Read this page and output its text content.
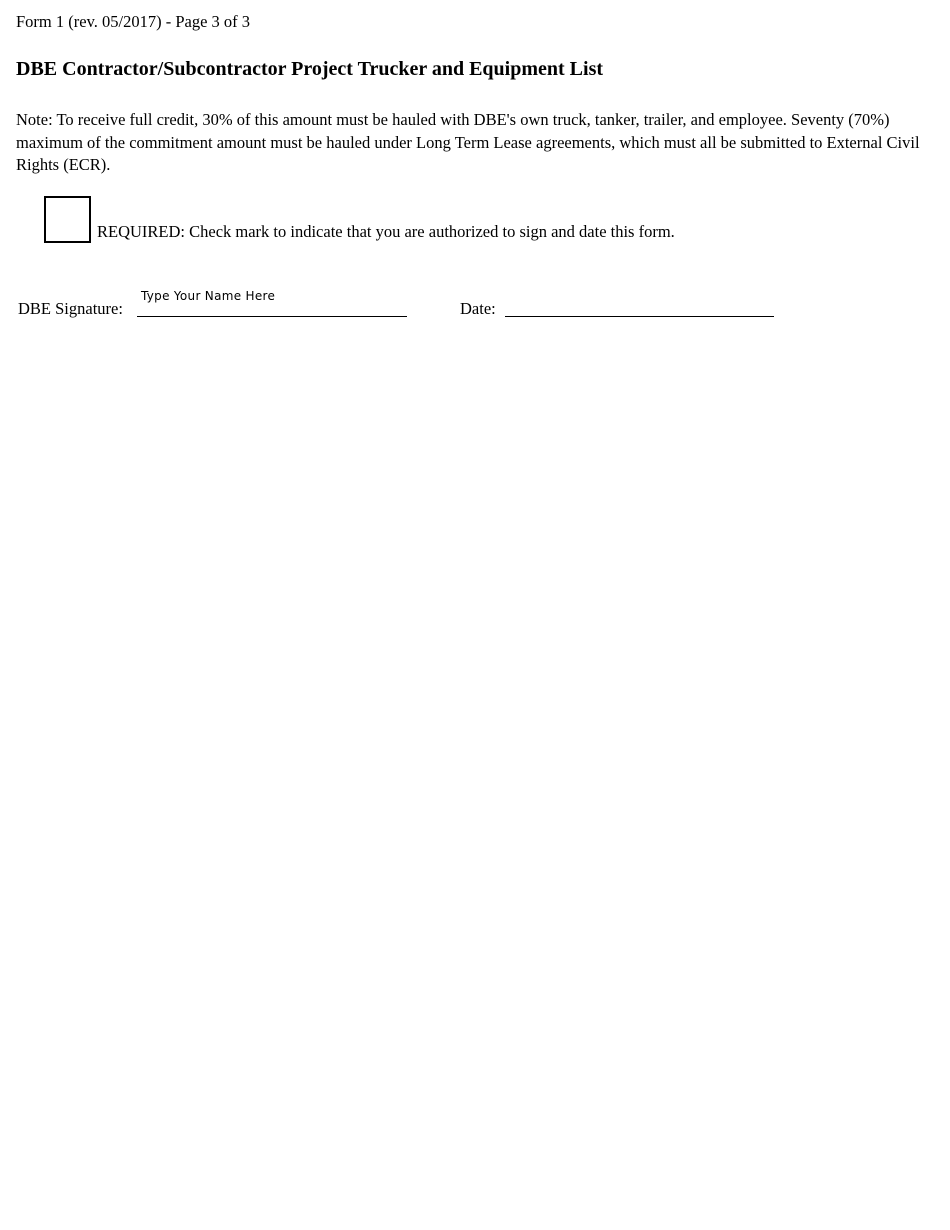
Form 1 (rev. 05/2017) - Page 3 of 3
DBE Contractor/Subcontractor Project Trucker and Equipment List

Note: To receive full credit, 30% of this amount must be hauled with DBE's own truck, tanker, trailer, and employee. Seventy (70%) maximum of the commitment amount must be hauled under Long Term Lease agreements, which must all be submitted to External Civil Rights (ECR).

REQUIRED: Check mark to indicate that you are authorized to sign and date this form.
DBE Signature:
Type Your Name Here
Date:
